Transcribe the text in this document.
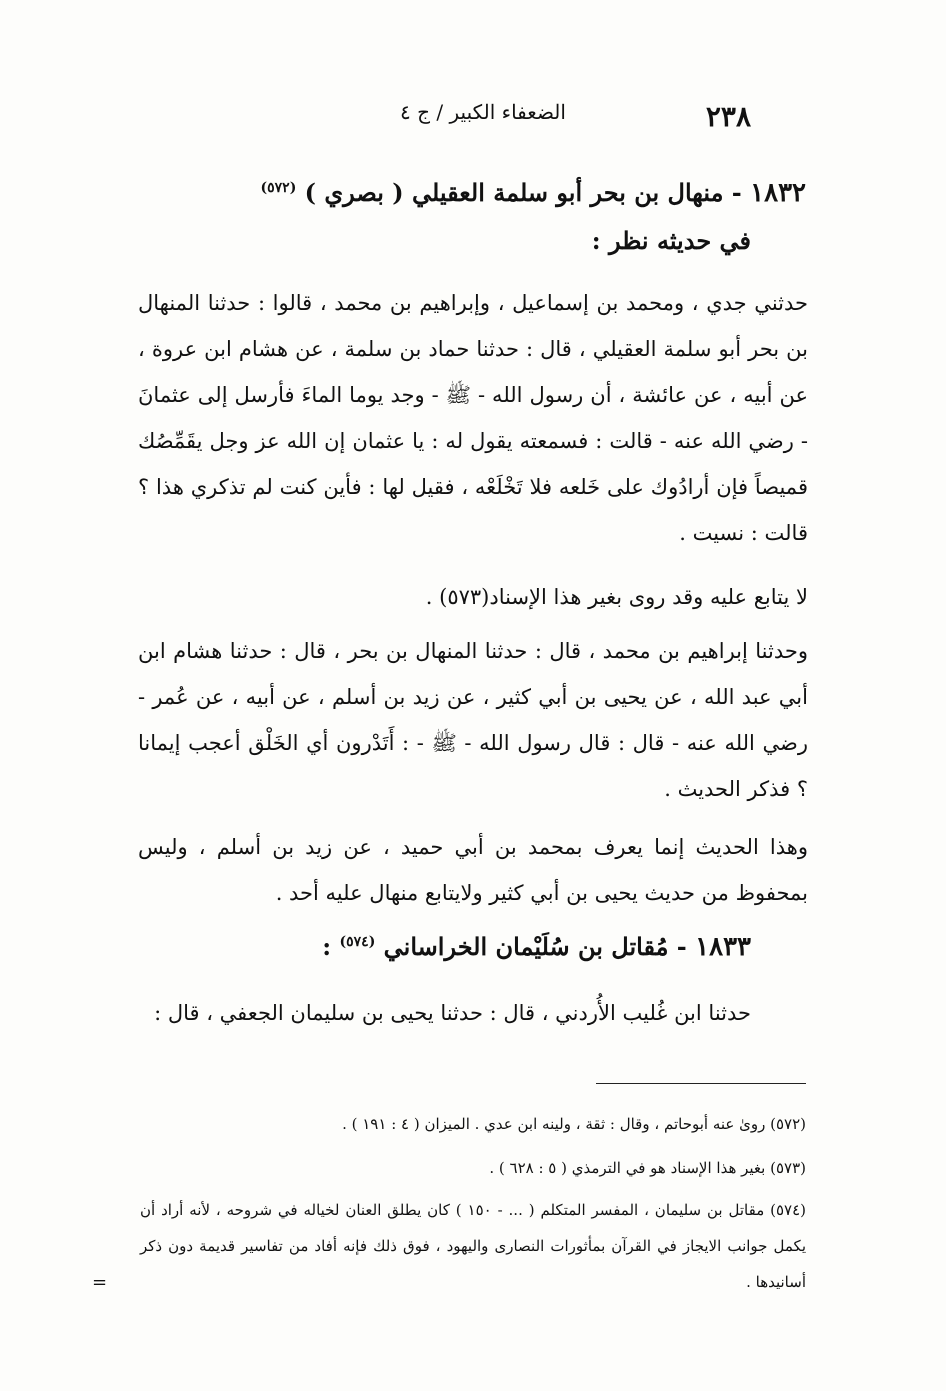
٢٣٨
الضعفاء الكبير / ج ٤
١٨٣٢ - منهال بن بحر أبو سلمة العقيلي ( بصري ) $^{(٥٧٢)}$
في حديثه نظر :
حدثني جدي ، ومحمد بن إسماعيل ، وإبراهيم بن محمد ، قالوا : حدثنا المنهال بن بحر أبو سلمة العقيلي ، قال : حدثنا حماد بن سلمة ، عن هشام ابن عروة ، عن أبيه ، عن عائشة ، أن رسول الله - ﷺ - وجد يوما الماءَ فأرسل إلى عثمانَ - رضي الله عنه - قالت : فسمعته يقول له : يا عثمان إن الله عز وجل يقَمِّصُك قميصاً فإن أرادُوك على خَلعه فلا تَخْلَعْه ، فقيل لها : فأين كنت لم تذكري هذا ؟ قالت : نسيت .
لا يتابع عليه وقد روى بغير هذا الإسناد(٥٧٣) .
وحدثنا إبراهيم بن محمد ، قال : حدثنا المنهال بن بحر ، قال : حدثنا هشام ابن أبي عبد الله ، عن يحيى بن أبي كثير ، عن زيد بن أسلم ، عن أبيه ، عن عُمر - رضي الله عنه - قال : قال رسول الله - ﷺ - : أَتَدْرون أي الخَلْق أعجب إيمانا ؟ فذكر الحديث .
وهذا الحديث إنما يعرف بمحمد بن أبي حميد ، عن زيد بن أسلم ، وليس بمحفوظ من حديث يحيى بن أبي كثير ولايتابع منهال عليه أحد .
١٨٣٣ - مُقاتل بن سُلَيْمان الخراساني $^{(٥٧٤)}$ :
حدثنا ابن غُليب الأُردني ، قال : حدثنا يحيى بن سليمان الجعفي ، قال :
(٥٧٢) روىٰ عنه أبوحاتم ، وقال : ثقة ، ولينه ابن عدي . الميزان ( ٤ : ١٩١ ) .
(٥٧٣) بغير هذا الإسناد هو في الترمذي ( ٥ : ٦٢٨ ) .
(٥٧٤) مقاتل بن سليمان ، المفسر المتكلم ( ... - ١٥٠ ) كان يطلق العنان لخياله في شروحه ، لأنه أراد أن يكمل جوانب الايجاز في القرآن بمأثورات النصارى واليهود ، فوق ذلك فإنه أفاد من تفاسير قديمة دون ذكر أسانيدها .
=
